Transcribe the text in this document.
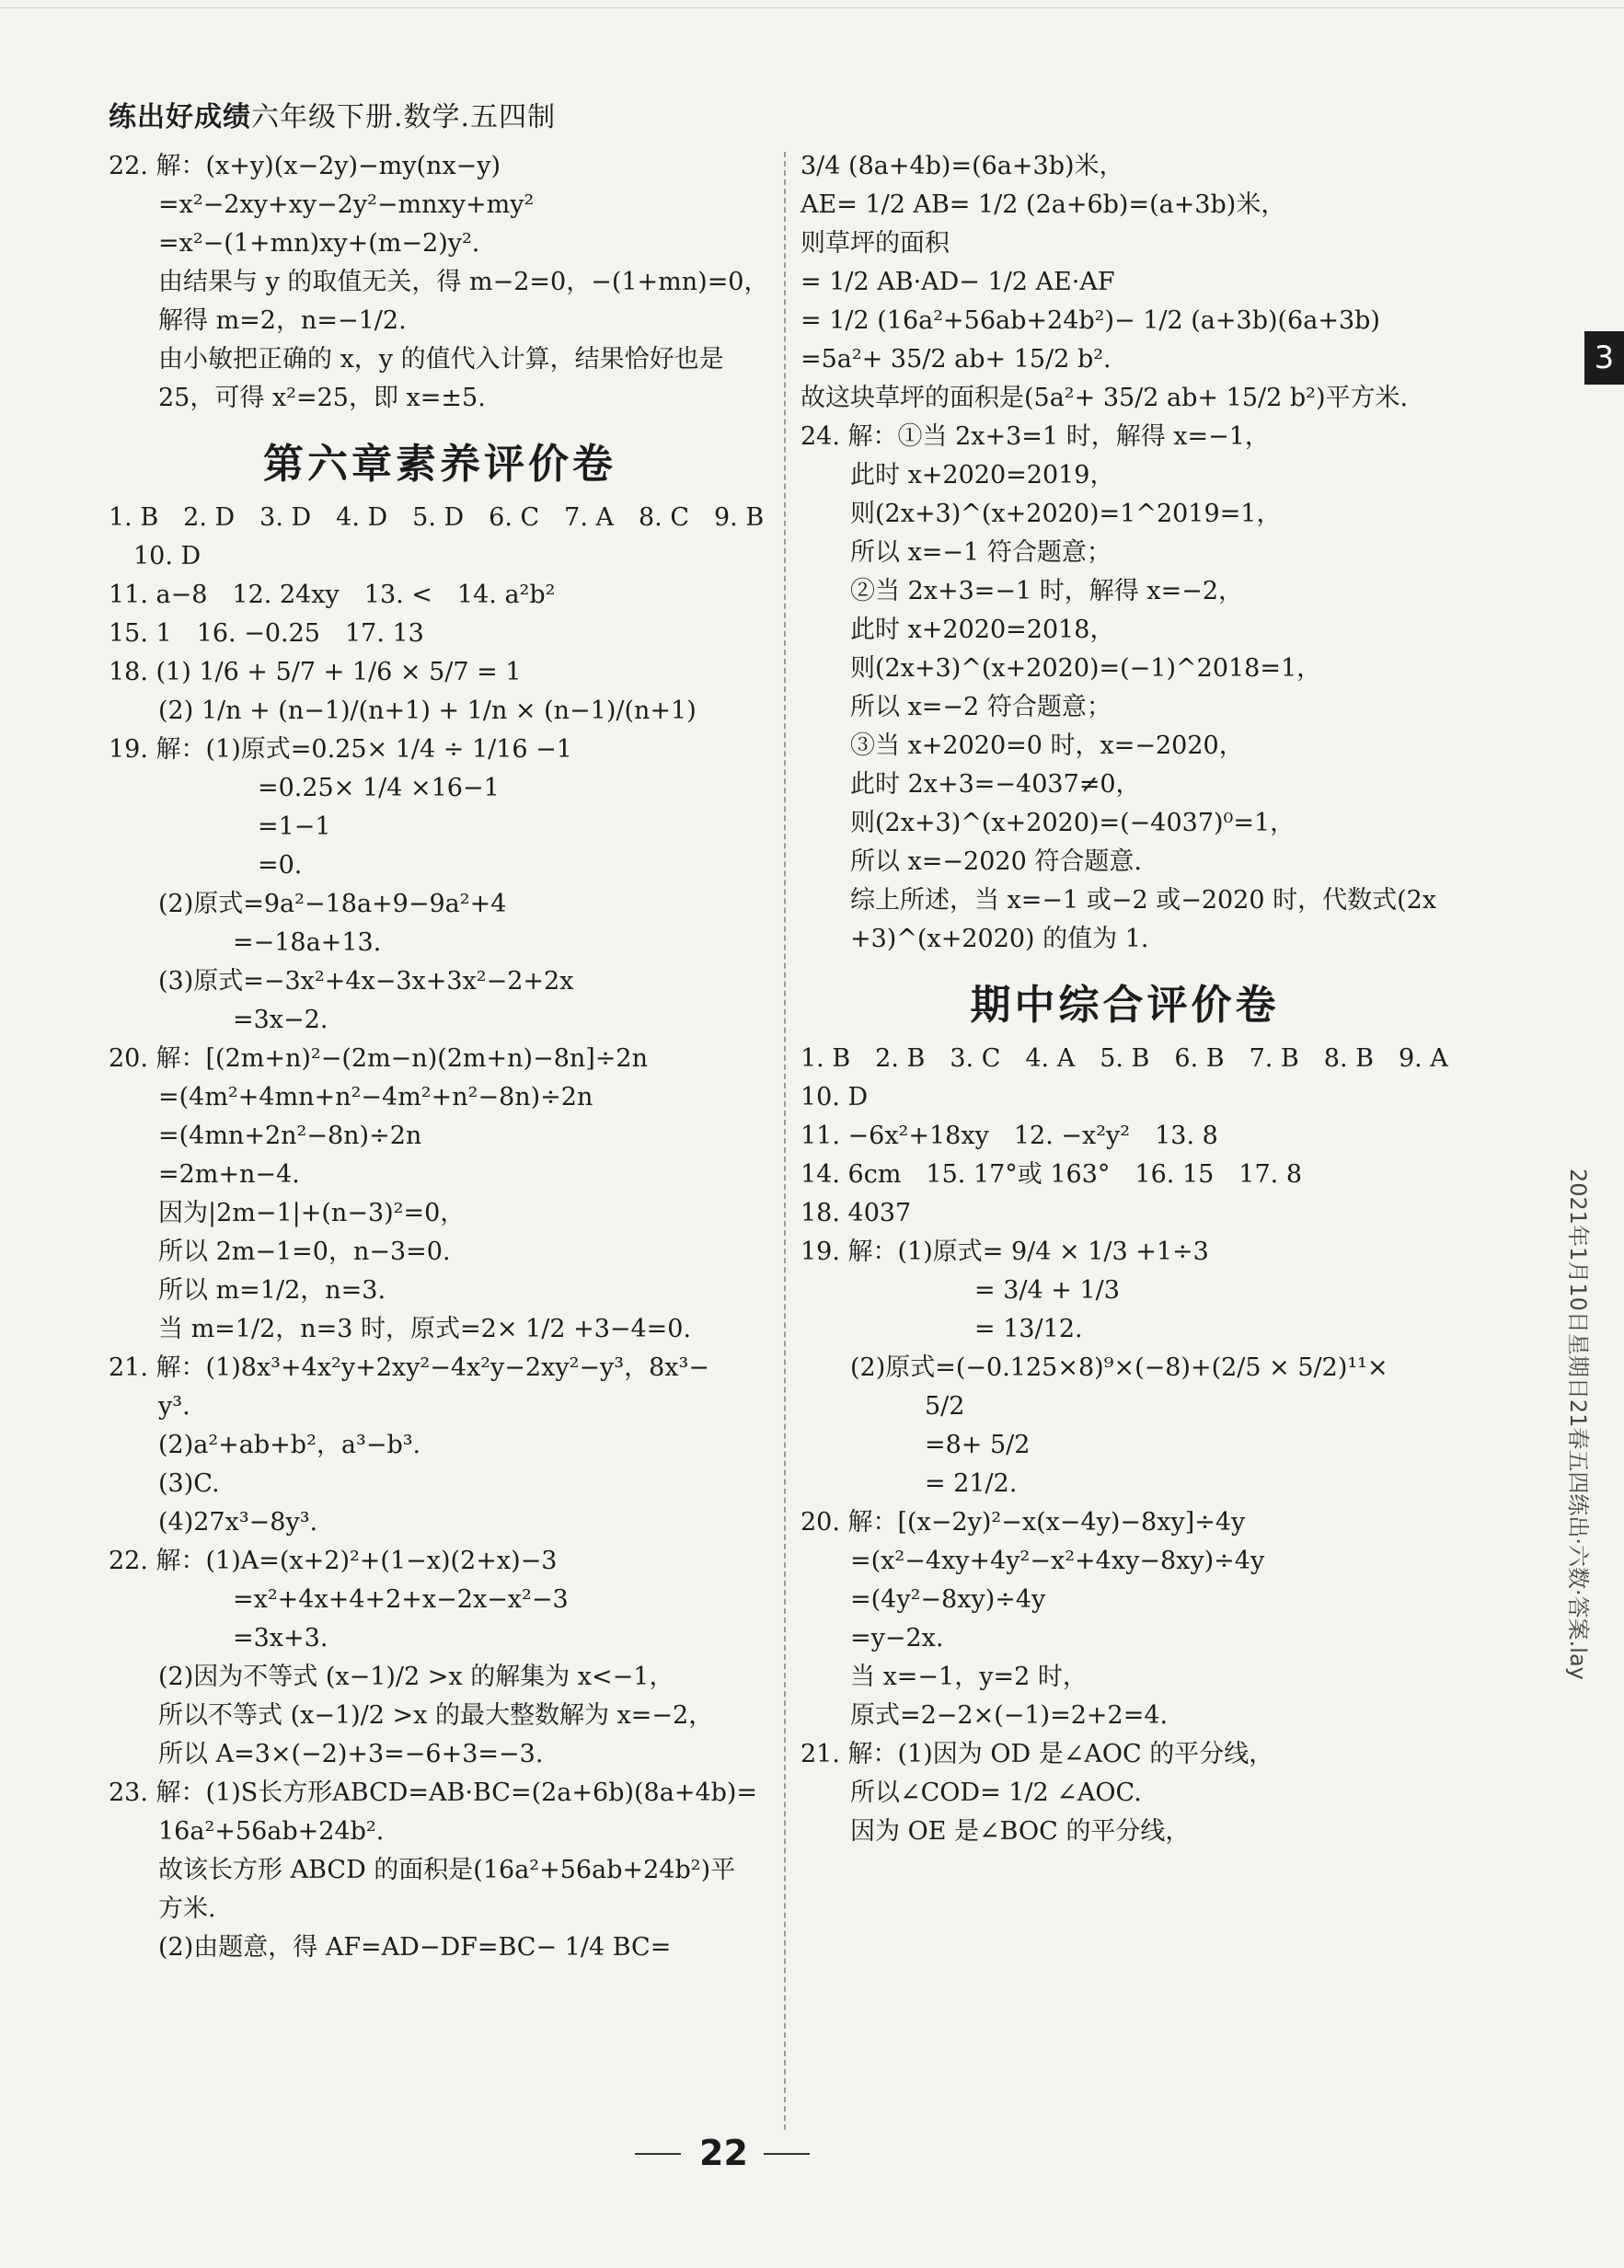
练出好成绩六年级下册.数学.五四制
22. 解：(x+y)(x−2y)−my(nx−y)
　　=x²−2xy+xy−2y²−mnxy+my²
　　=x²−(1+mn)xy+(m−2)y².
　　由结果与 y 的取值无关，得 m−2=0，−(1+mn)=0，
　　解得 m=2，n=−1/2.
　　由小敏把正确的 x，y 的值代入计算，结果恰好也是
　　25，可得 x²=25，即 x=±5.
第六章素养评价卷
1. B　2. D　3. D　4. D　5. D　6. C　7. A　8. C　9. B
　10. D
11. a−8　12. 24xy　13. <　14. a²b²
15. 1　16. −0.25　17. 13
18. (1) 1/6 + 5/7 + 1/6 × 5/7 = 1
　　(2) 1/n + (n−1)/(n+1) + 1/n × (n−1)/(n+1)
19. 解：(1)原式=0.25× 1/4 ÷ 1/16 −1
　　　　　　=0.25× 1/4 ×16−1
　　　　　　=1−1
　　　　　　=0.
　　(2)原式=9a²−18a+9−9a²+4
　　　　　=−18a+13.
　　(3)原式=−3x²+4x−3x+3x²−2+2x
　　　　　=3x−2.
20. 解：[(2m+n)²−(2m−n)(2m+n)−8n]÷2n
　　=(4m²+4mn+n²−4m²+n²−8n)÷2n
　　=(4mn+2n²−8n)÷2n
　　=2m+n−4.
　　因为|2m−1|+(n−3)²=0，
　　所以 2m−1=0，n−3=0.
　　所以 m=1/2，n=3.
　　当 m=1/2，n=3 时，原式=2× 1/2 +3−4=0.
21. 解：(1)8x³+4x²y+2xy²−4x²y−2xy²−y³，8x³−
　　y³.
　　(2)a²+ab+b²，a³−b³.
　　(3)C.
　　(4)27x³−8y³.
22. 解：(1)A=(x+2)²+(1−x)(2+x)−3
　　　　　=x²+4x+4+2+x−2x−x²−3
　　　　　=3x+3.
　　(2)因为不等式 (x−1)/2 >x 的解集为 x<−1，
　　所以不等式 (x−1)/2 >x 的最大整数解为 x=−2，
　　所以 A=3×(−2)+3=−6+3=−3.
23. 解：(1)S长方形ABCD=AB·BC=(2a+6b)(8a+4b)=
　　16a²+56ab+24b².
　　故该长方形 ABCD 的面积是(16a²+56ab+24b²)平
　　方米.
　　(2)由题意，得 AF=AD−DF=BC− 1/4 BC=
3/4 (8a+4b)=(6a+3b)米，
AE= 1/2 AB= 1/2 (2a+6b)=(a+3b)米，
则草坪的面积
= 1/2 AB·AD− 1/2 AE·AF
= 1/2 (16a²+56ab+24b²)− 1/2 (a+3b)(6a+3b)
=5a²+ 35/2 ab+ 15/2 b².
故这块草坪的面积是(5a²+ 35/2 ab+ 15/2 b²)平方米.
24. 解：①当 2x+3=1 时，解得 x=−1，
　　此时 x+2020=2019，
　　则(2x+3)^(x+2020)=1^2019=1，
　　所以 x=−1 符合题意；
　　②当 2x+3=−1 时，解得 x=−2，
　　此时 x+2020=2018，
　　则(2x+3)^(x+2020)=(−1)^2018=1，
　　所以 x=−2 符合题意；
　　③当 x+2020=0 时，x=−2020，
　　此时 2x+3=−4037≠0，
　　则(2x+3)^(x+2020)=(−4037)⁰=1，
　　所以 x=−2020 符合题意.
　　综上所述，当 x=−1 或−2 或−2020 时，代数式(2x
　　+3)^(x+2020) 的值为 1.
期中综合评价卷
1. B　2. B　3. C　4. A　5. B　6. B　7. B　8. B　9. A
10. D
11. −6x²+18xy　12. −x²y²　13. 8
14. 6cm　15. 17°或 163°　16. 15　17. 8
18. 4037
19. 解：(1)原式= 9/4 × 1/3 +1÷3
　　　　　　　= 3/4 + 1/3
　　　　　　　= 13/12.
　　(2)原式=(−0.125×8)⁹×(−8)+(2/5 × 5/2)¹¹×
　　　　　5/2
　　　　　=8+ 5/2
　　　　　= 21/2.
20. 解：[(x−2y)²−x(x−4y)−8xy]÷4y
　　=(x²−4xy+4y²−x²+4xy−8xy)÷4y
　　=(4y²−8xy)÷4y
　　=y−2x.
　　当 x=−1，y=2 时，
　　原式=2−2×(−1)=2+2=4.
21. 解：(1)因为 OD 是∠AOC 的平分线，
　　所以∠COD= 1/2 ∠AOC.
　　因为 OE 是∠BOC 的平分线，
22
3
2021年1月10日星期日21春五四练出·六数·答案.lay
